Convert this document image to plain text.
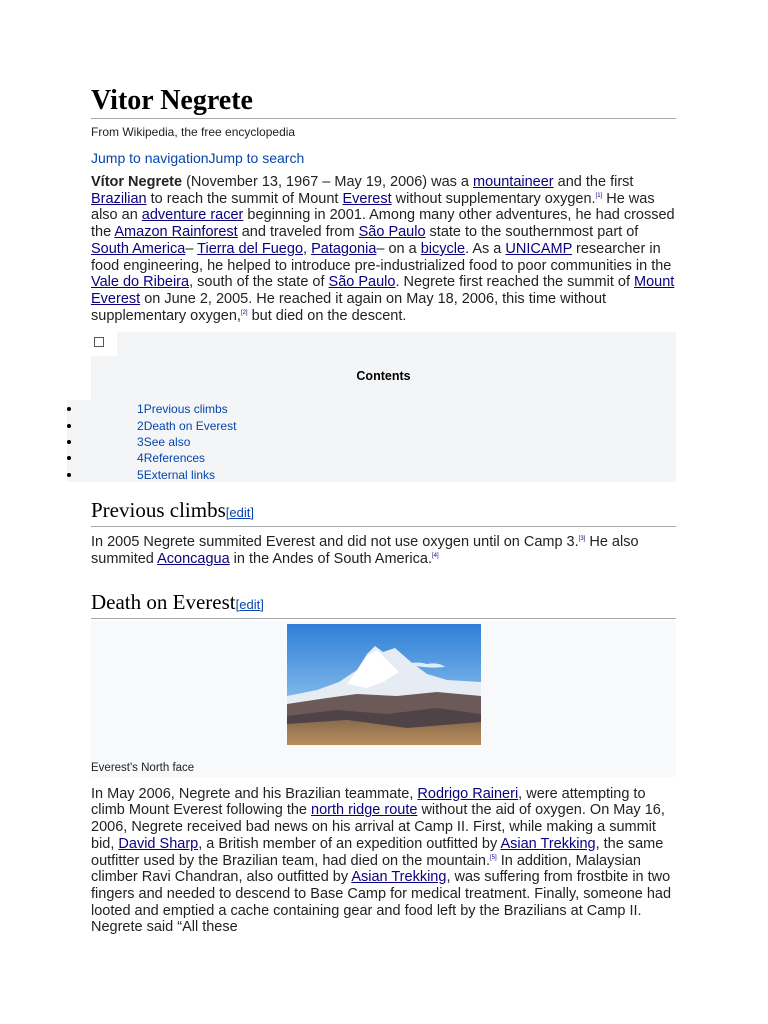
Vitor Negrete
From Wikipedia, the free encyclopedia
Jump to navigationJump to search

Vítor Negrete (November 13, 1967 – May 19, 2006) was a mountaineer and the first Brazilian to reach the summit of Mount Everest without supplementary oxygen.[1] He was also an adventure racer beginning in 2001. Among many other adventures, he had crossed the Amazon Rainforest and traveled from São Paulo state to the southernmost part of South America– Tierra del Fuego, Patagonia– on a bicycle. As a UNICAMP researcher in food engineering, he helped to introduce pre-industrialized food to poor communities in the Vale do Ribeira, south of the state of São Paulo. Negrete first reached the summit of Mount Everest on June 2, 2005. He reached it again on May 18, 2006, this time without supplementary oxygen,[2] but died on the descent.

Contents
1Previous climbs
2Death on Everest
3See also
4References
5External links
Previous climbs[edit]

In 2005 Negrete summited Everest and did not use oxygen until on Camp 3.[3] He also summited Aconcagua in the Andes of South America.[4]

Death on Everest[edit]
Everest's North face

In May 2006, Negrete and his Brazilian teammate, Rodrigo Raineri, were attempting to climb Mount Everest following the north ridge route without the aid of oxygen. On May 16, 2006, Negrete received bad news on his arrival at Camp II. First, while making a summit bid, David Sharp, a British member of an expedition outfitted by Asian Trekking, the same outfitter used by the Brazilian team, had died on the mountain.[5] In addition, Malaysian climber Ravi Chandran, also outfitted by Asian Trekking, was suffering from frostbite in two fingers and needed to descend to Base Camp for medical treatment. Finally, someone had looted and emptied a cache containing gear and food left by the Brazilians at Camp II. Negrete said “All these
